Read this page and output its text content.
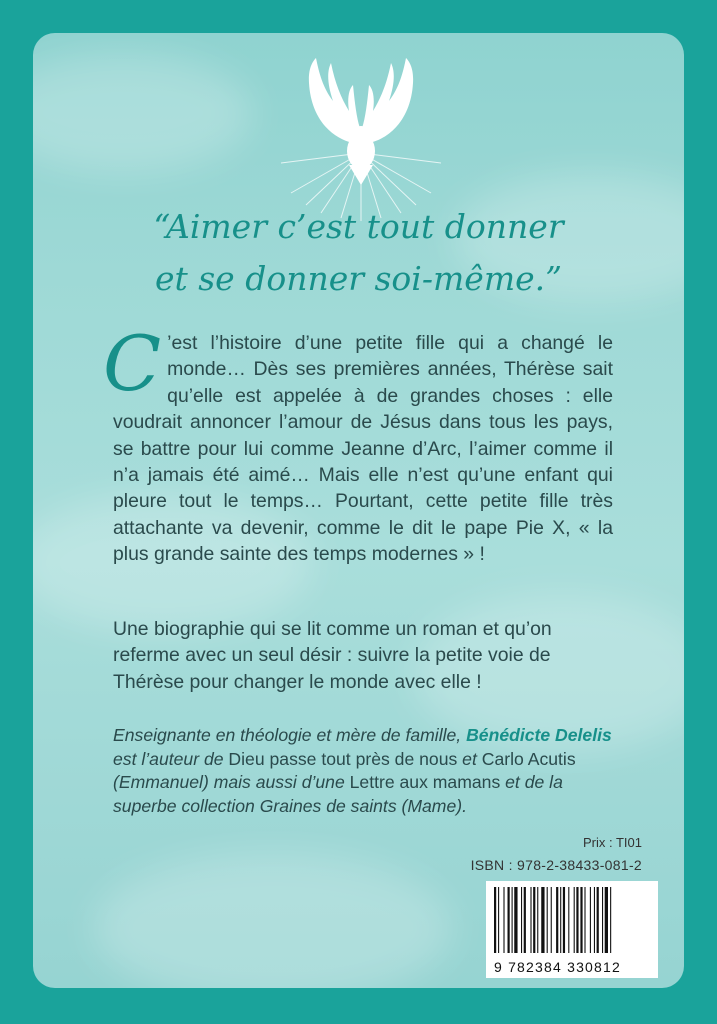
“Aimer c’est tout donner
et se donner soi-même.”
C ’est l’histoire d’une petite fille qui a changé le monde… Dès ses premières années, Thérèse sait qu’elle est appelée à de grandes choses : elle voudrait annoncer l’amour de Jésus dans tous les pays, se battre pour lui comme Jeanne d’Arc, l’aimer comme il n’a jamais été aimé… Mais elle n’est qu’une enfant qui pleure tout le temps… Pourtant, cette petite fille très attachante va devenir, comme le dit le pape Pie X, « la plus grande sainte des temps modernes » !
Une biographie qui se lit comme un roman et qu’on referme avec un seul désir : suivre la petite voie de Thérèse pour changer le monde avec elle !
Enseignante en théologie et mère de famille, Bénédicte Delelis est l’auteur de Dieu passe tout près de nous et Carlo Acutis (Emmanuel) mais aussi d’une Lettre aux mamans et de la superbe collection Graines de saints (Mame).
Prix : TI01
ISBN : 978-2-38433-081-2
9 782384 330812
